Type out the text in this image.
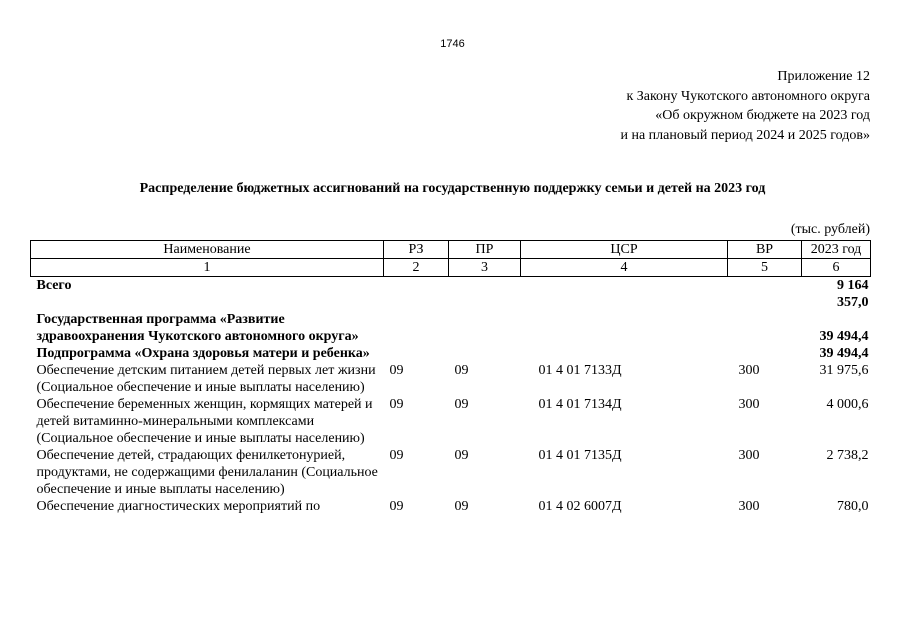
1746
Приложение 12
к Закону Чукотского автономного округа
«Об окружном бюджете на 2023 год
и на плановый период 2024 и 2025 годов»
Распределение бюджетных ассигнований на государственную поддержку семьи и детей на 2023 год
(тыс. рублей)
Наименование	РЗ	ПР	ЦСР	ВР	2023 год
1	2	3	4	5	6
Всего					9 164 357,0
Государственная программа «Развитие здравоохранения Чукотского автономного округа»					39 494,4
Подпрограмма «Охрана здоровья матери и ребенка»					39 494,4
Обеспечение детским питанием детей первых лет жизни (Социальное обеспечение и иные выплаты населению)	09	09	01 4 01 7133Д	300	31 975,6
Обеспечение беременных женщин, кормящих матерей и детей витаминно-минеральными комплексами (Социальное обеспечение и иные выплаты населению)	09	09	01 4 01 7134Д	300	4 000,6
Обеспечение детей, страдающих фенилкетонурией, продуктами, не содержащими фенилаланин (Социальное обеспечение и иные выплаты населению)	09	09	01 4 01 7135Д	300	2 738,2
Обеспечение диагностических мероприятий по	09	09	01 4 02 6007Д	300	780,0
